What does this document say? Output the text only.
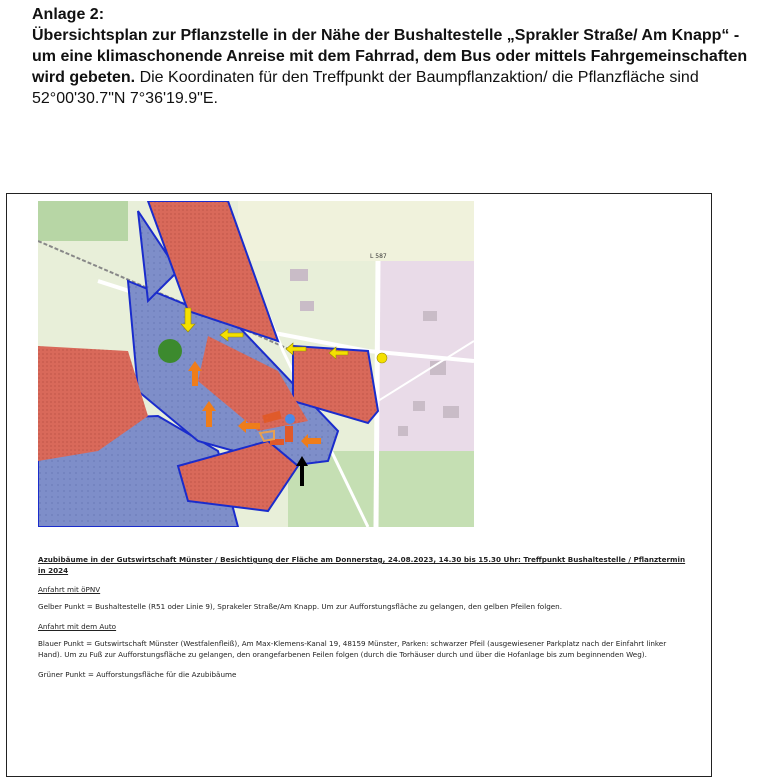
Anlage 2:
Übersichtsplan zur Pflanzstelle in der Nähe der Bushaltestelle „Sprakler Straße/ Am Knapp“ - um eine klimaschonende Anreise mit dem Fahrrad, dem Bus oder mittels Fahrgemeinschaften wird gebeten. Die Koordinaten für den Treffpunkt der Baumpflanzaktion/ die Pflanzfläche sind 52°00'30.7"N 7°36'19.9"E.
L 587

Azubibäume in der Gutswirtschaft Münster / Besichtigung der Fläche am Donnerstag, 24.08.2023, 14.30 bis 15.30 Uhr: Treffpunkt Bushaltestelle / Pflanztermin in 2024

Anfahrt mit öPNV

Gelber Punkt = Bushaltestelle (R51 oder Linie 9), Sprakeler Straße/Am Knapp. Um zur Aufforstungsfläche zu gelangen, den gelben Pfeilen folgen.

Anfahrt mit dem Auto

Blauer Punkt = Gutswirtschaft Münster (Westfalenfleiß), Am Max-Klemens-Kanal 19, 48159 Münster, Parken: schwarzer Pfeil (ausgewiesener Parkplatz nach der Einfahrt linker Hand). Um zu Fuß zur Aufforstungsfläche zu gelangen, den orangefarbenen Feilen folgen (durch die Torhäuser durch und über die Hofanlage bis zum beginnenden Weg).

Grüner Punkt = Aufforstungsfläche für die Azubibäume
